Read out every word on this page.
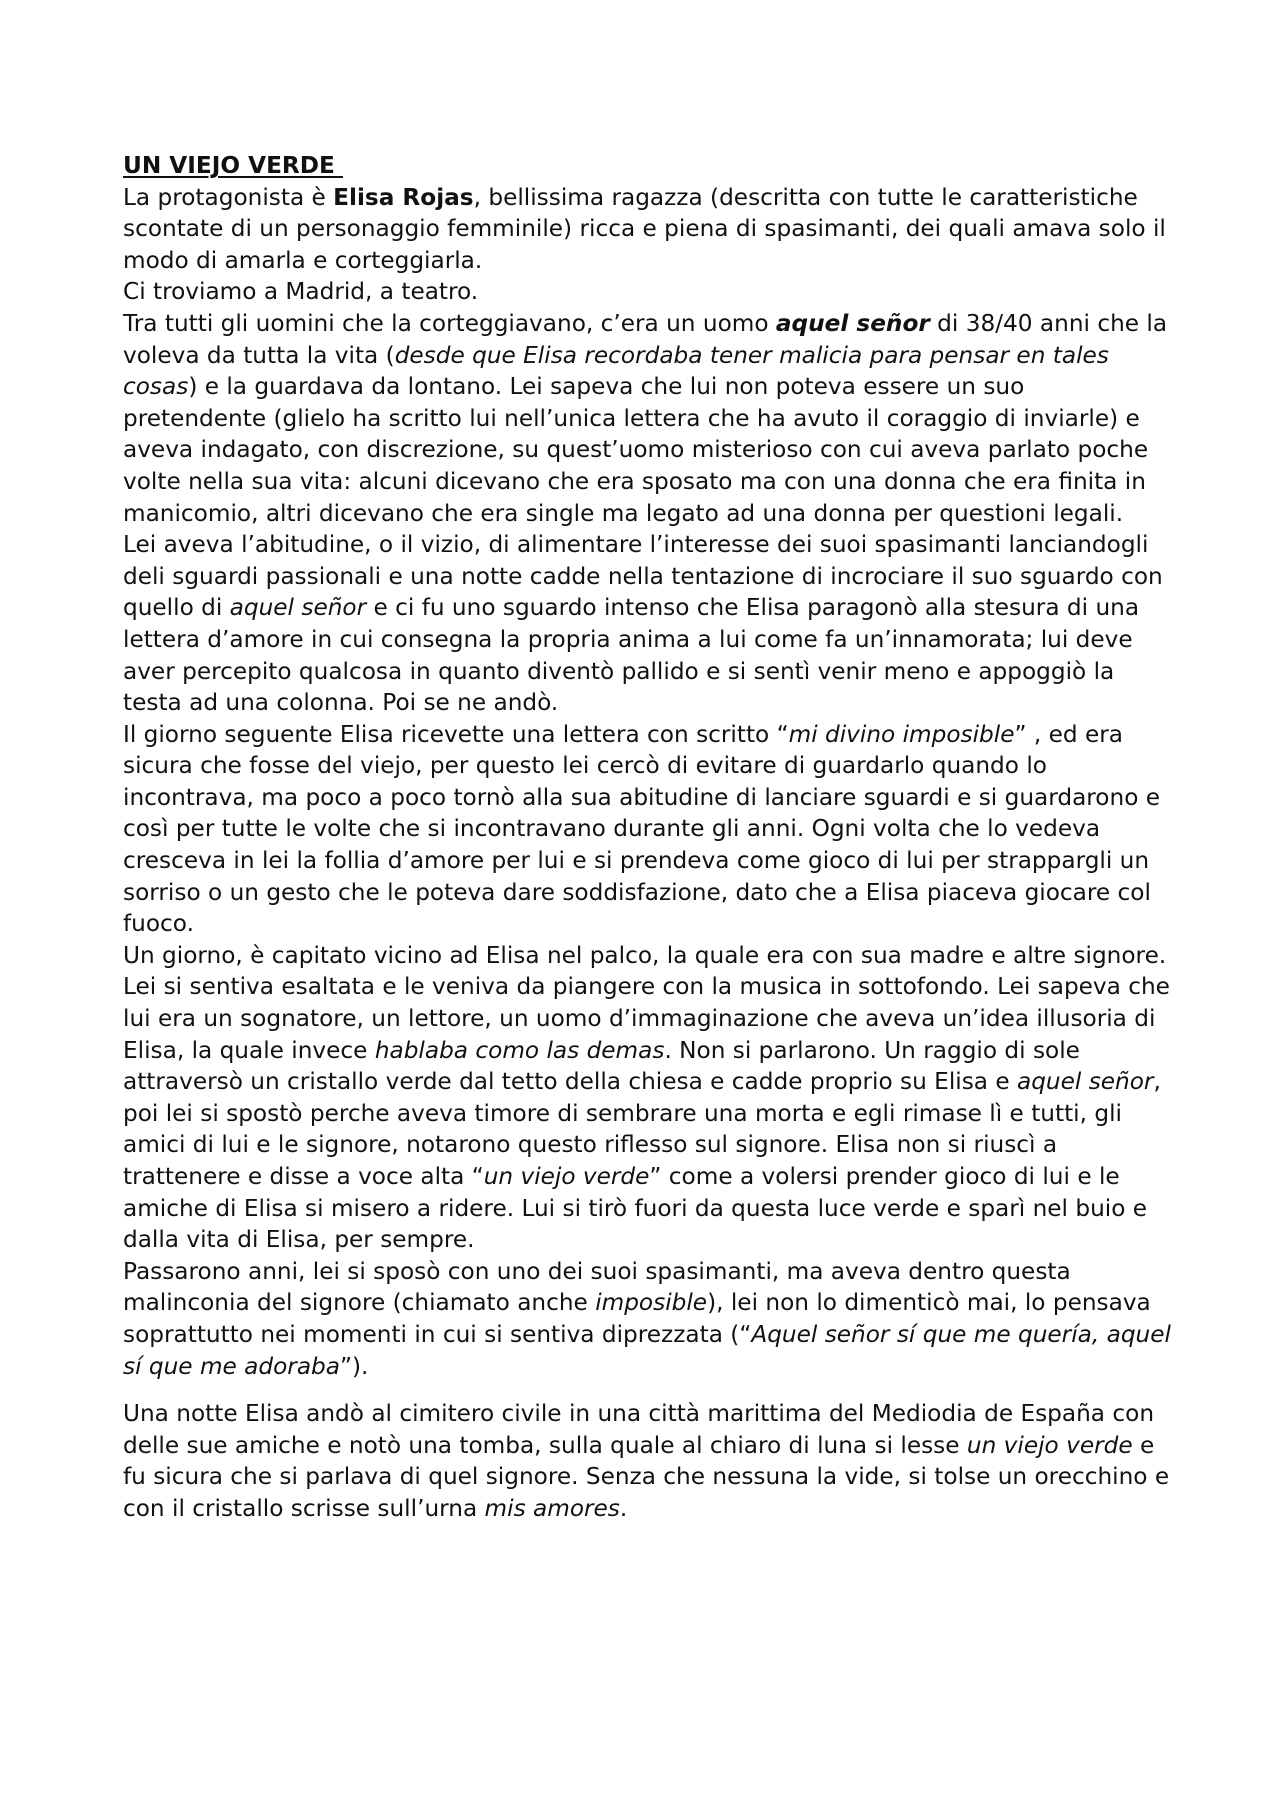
UN VIEJO VERDE

La protagonista è Elisa Rojas, bellissima ragazza (descritta con tutte le caratteristiche scontate di un personaggio femminile) ricca e piena di spasimanti, dei quali amava solo il modo di amarla e corteggiarla.

Ci troviamo a Madrid, a teatro.

Tra tutti gli uomini che la corteggiavano, c’era un uomo aquel señor di 38/40 anni che la voleva da tutta la vita (desde que Elisa recordaba tener malicia para pensar en tales cosas) e la guardava da lontano. Lei sapeva che lui non poteva essere un suo pretendente (glielo ha scritto lui nell’unica lettera che ha avuto il coraggio di inviarle) e aveva indagato, con discrezione, su quest’uomo misterioso con cui aveva parlato poche volte nella sua vita: alcuni dicevano che era sposato ma con una donna che era finita in manicomio, altri dicevano che era single ma legato ad una donna per questioni legali.

Lei aveva l’abitudine, o il vizio, di alimentare l’interesse dei suoi spasimanti lanciandogli deli sguardi passionali e una notte cadde nella tentazione di incrociare il suo sguardo con quello di aquel señor e ci fu uno sguardo intenso che Elisa paragonò alla stesura di una lettera d’amore in cui consegna la propria anima a lui come fa un’innamorata; lui deve aver percepito qualcosa in quanto diventò pallido e si sentì venir meno e appoggiò la testa ad una colonna. Poi se ne andò.

Il giorno seguente Elisa ricevette una lettera con scritto “mi divino imposible” , ed era sicura che fosse del viejo, per questo lei cercò di evitare di guardarlo quando lo incontrava, ma poco a poco tornò alla sua abitudine di lanciare sguardi e si guardarono e così per tutte le volte che si incontravano durante gli anni. Ogni volta che lo vedeva cresceva in lei la follia d’amore per lui e si prendeva come gioco di lui per strappargli un sorriso o un gesto che le poteva dare soddisfazione, dato che a Elisa piaceva giocare col fuoco.

Un giorno, è capitato vicino ad Elisa nel palco, la quale era con sua madre e altre signore. Lei si sentiva esaltata e le veniva da piangere con la musica in sottofondo. Lei sapeva che lui era un sognatore, un lettore, un uomo d’immaginazione che aveva un’idea illusoria di Elisa, la quale invece hablaba como las demas. Non si parlarono. Un raggio di sole attraversò un cristallo verde dal tetto della chiesa e cadde proprio su Elisa e aquel señor, poi lei si spostò perche aveva timore di sembrare una morta e egli rimase lì e tutti, gli amici di lui e le signore, notarono questo riflesso sul signore. Elisa non si riuscì a trattenere e disse a voce alta “un viejo verde” come a volersi prender gioco di lui e le amiche di Elisa si misero a ridere. Lui si tirò fuori da questa luce verde e sparì nel buio e dalla vita di Elisa, per sempre.

Passarono anni, lei si sposò con uno dei suoi spasimanti, ma aveva dentro questa malinconia del signore (chiamato anche imposible), lei non lo dimenticò mai, lo pensava soprattutto nei momenti in cui si sentiva diprezzata (“Aquel señor sí que me quería, aquel sí que me adoraba”).

Una notte Elisa andò al cimitero civile in una città marittima del Mediodia de España con delle sue amiche e notò una tomba, sulla quale al chiaro di luna si lesse un viejo verde e fu sicura che si parlava di quel signore. Senza che nessuna la vide, si tolse un orecchino e con il cristallo scrisse sull’urna mis amores.
